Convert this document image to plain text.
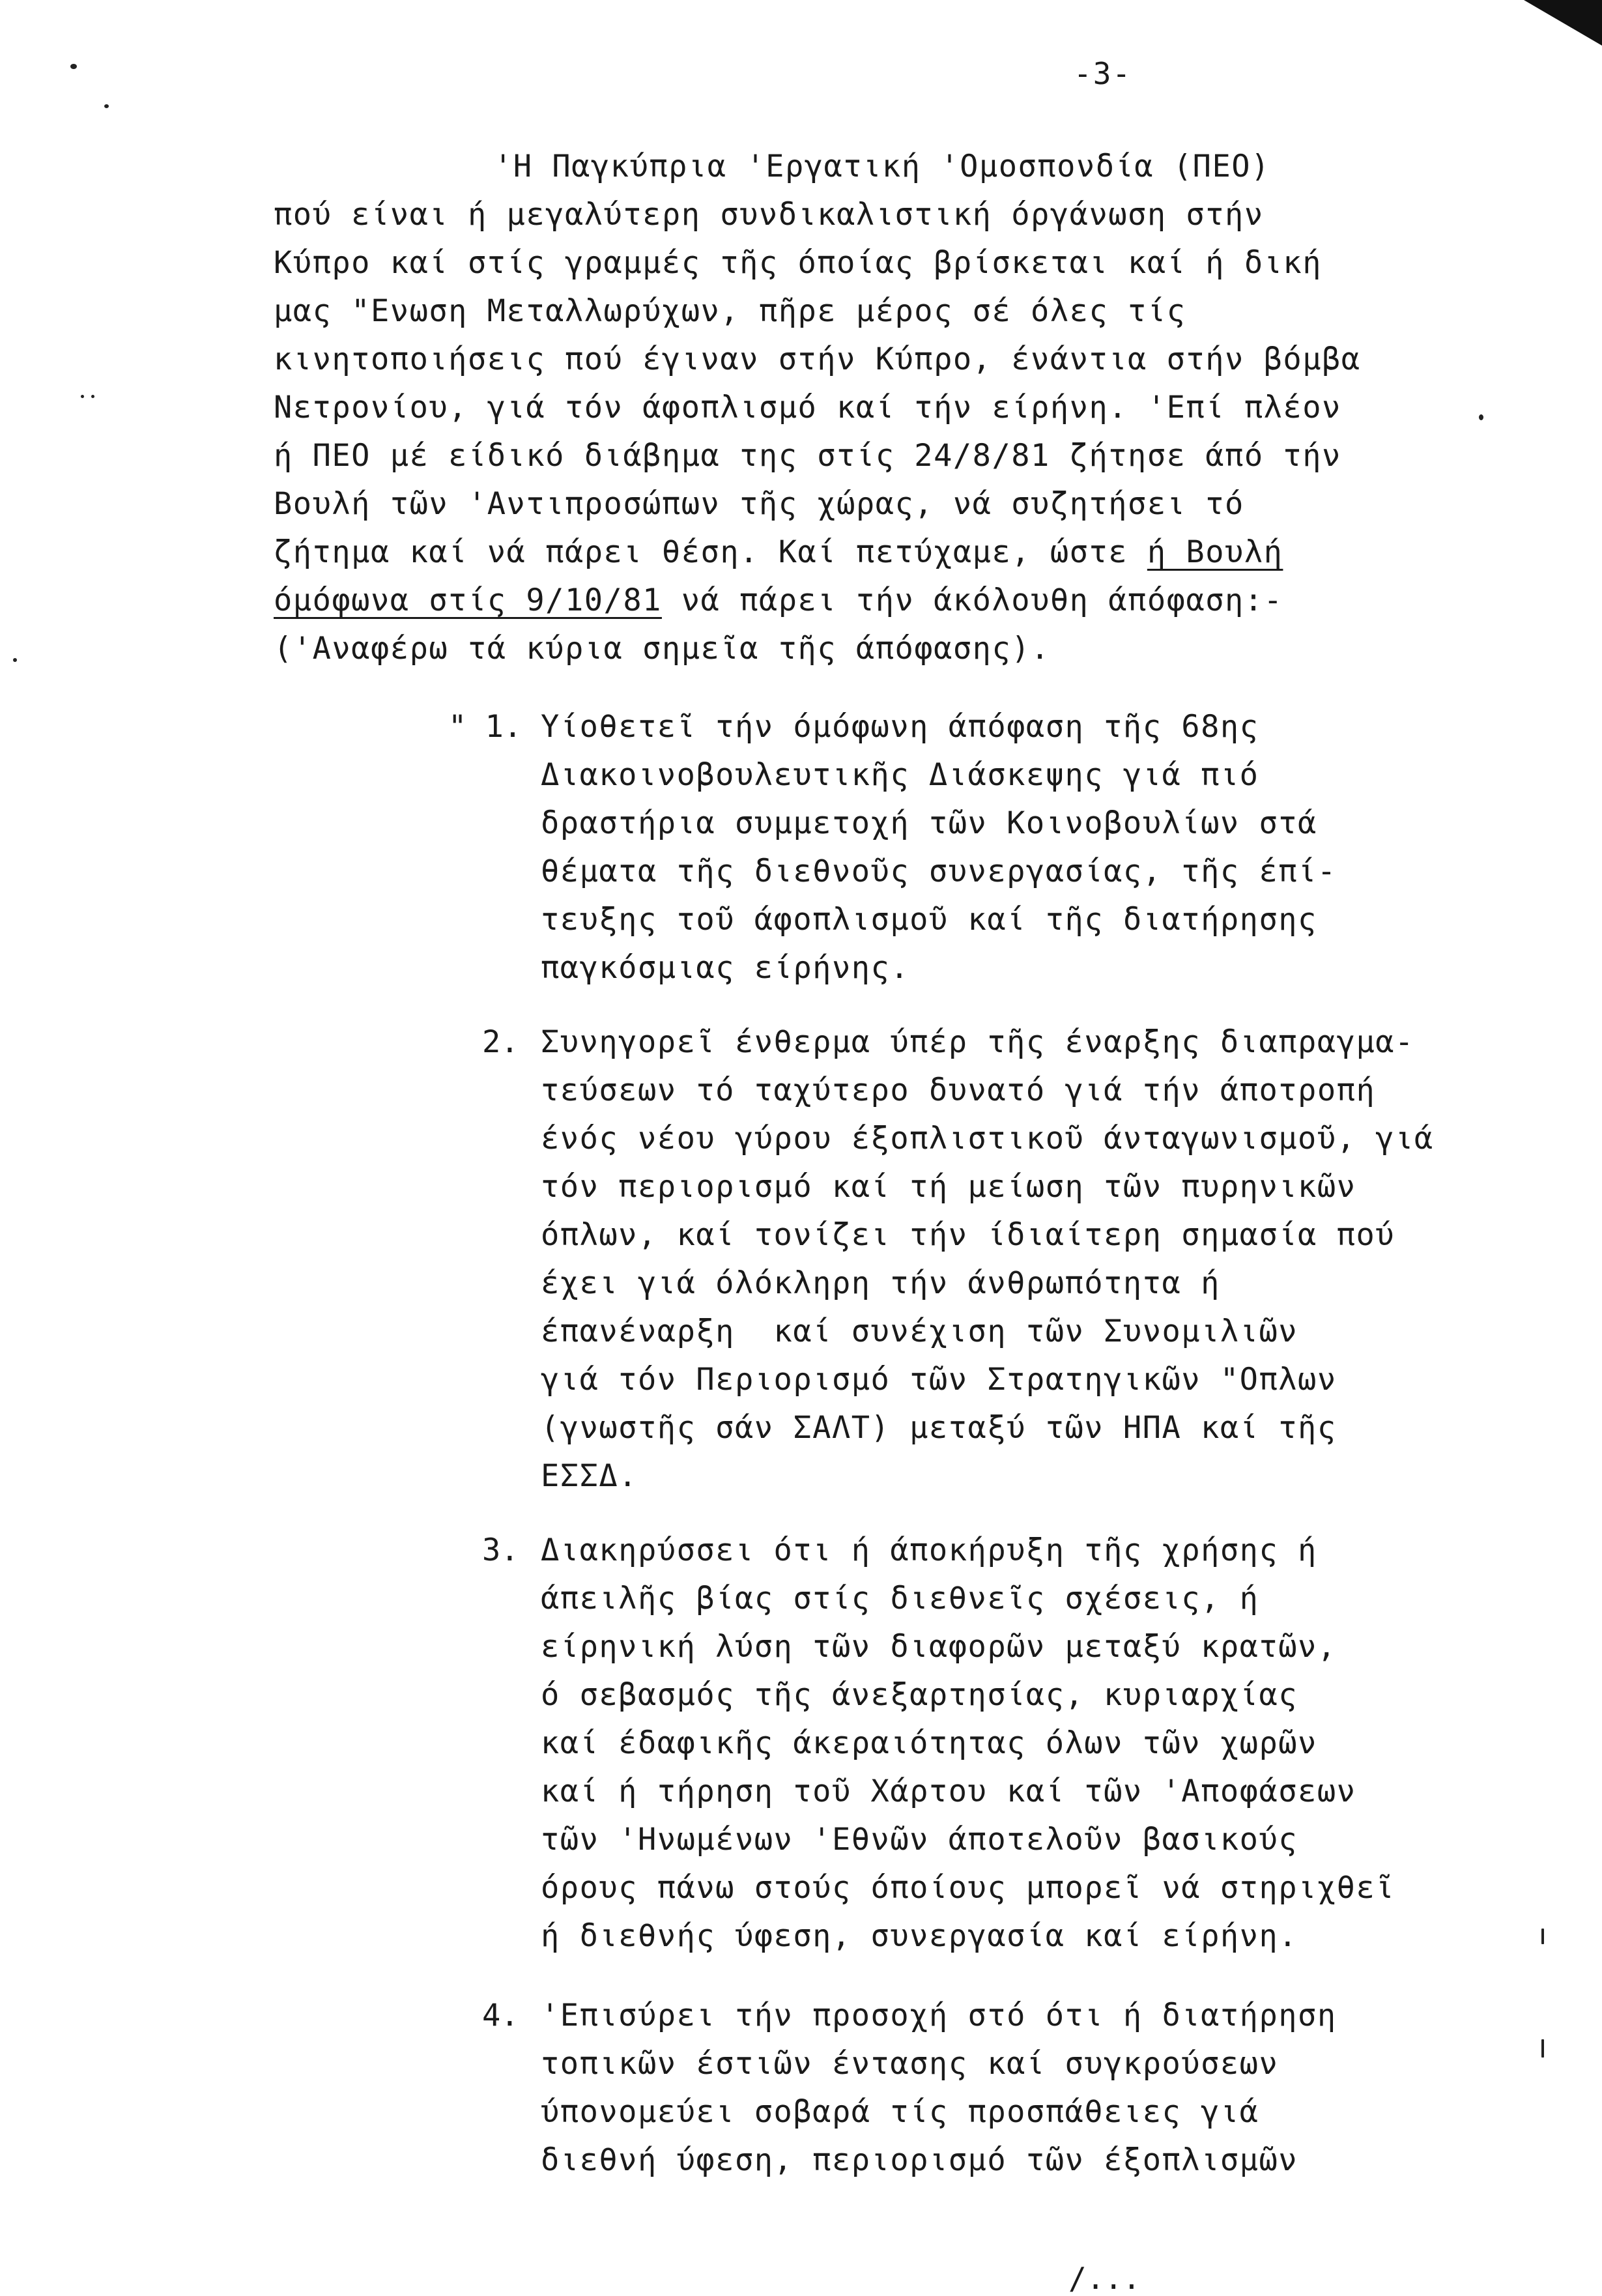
-3-
'Η Παγκύπρια 'Εργατική 'Ομοσπονδία (ΠΕΟ)
πού είναι ή μεγαλύτερη συνδικαλιστική όργάνωση στήν
Κύπρο καί στίς γραμμές τῆς όποίας βρίσκεται καί ή δική
μας "Ενωση Μεταλλωρύχων, πῆρε μέρος σέ όλες τίς
κινητοποιήσεις πού έγιναν στήν Κύπρο, ένάντια στήν βόμβα
Νετρονίου, γιά τόν άφοπλισμό καί τήν είρήνη. 'Επί πλέον
ή ΠΕΟ μέ είδικό διάβημα της στίς 24/8/81 ζήτησε άπό τήν
Βουλή τῶν 'Αντιπροσώπων τῆς χώρας, νά συζητήσει τό
ζήτημα καί νά πάρει θέση. Καί πετύχαμε, ώστε ή Βουλή
όμόφωνα στίς 9/10/81 νά πάρει τήν άκόλουθη άπόφαση:-
('Αναφέρω τά κύρια σημεῖα τῆς άπόφασης).
" 1. Υίοθετεῖ τήν όμόφωνη άπόφαση τῆς 68ης
Διακοινοβουλευτικῆς Διάσκεψης γιά πιό
δραστήρια συμμετοχή τῶν Κοινοβουλίων στά
θέματα τῆς διεθνοῦς συνεργασίας, τῆς έπί-
τευξης τοῦ άφοπλισμοῦ καί τῆς διατήρησης
παγκόσμιας είρήνης.
2. Συνηγορεῖ ένθερμα ύπέρ τῆς έναρξης διαπραγμα-
τεύσεων τό ταχύτερο δυνατό γιά τήν άποτροπή
ένός νέου γύρου έξοπλιστικοῦ άνταγωνισμοῦ, γιά
τόν περιορισμό καί τή μείωση τῶν πυρηνικῶν
όπλων, καί τονίζει τήν ίδιαίτερη σημασία πού
έχει γιά όλόκληρη τήν άνθρωπότητα ή
έπανέναρξη  καί συνέχιση τῶν Συνομιλιῶν
γιά τόν Περιορισμό τῶν Στρατηγικῶν "Οπλων
(γνωστῆς σάν ΣΑΛΤ) μεταξύ τῶν ΗΠΑ καί τῆς
ΕΣΣΔ.
3. Διακηρύσσει ότι ή άποκήρυξη τῆς χρήσης ή
άπειλῆς βίας στίς διεθνεῖς σχέσεις, ή
είρηνική λύση τῶν διαφορῶν μεταξύ κρατῶν,
ό σεβασμός τῆς άνεξαρτησίας, κυριαρχίας
καί έδαφικῆς άκεραιότητας όλων τῶν χωρῶν
καί ή τήρηση τοῦ Χάρτου καί τῶν 'Αποφάσεων
τῶν 'Ηνωμένων 'Εθνῶν άποτελοῦν βασικούς
όρους πάνω στούς όποίους μπορεῖ νά στηριχθεῖ
ή διεθνής ύφεση, συνεργασία καί είρήνη.
4. 'Επισύρει τήν προσοχή στό ότι ή διατήρηση
τοπικῶν έστιῶν έντασης καί συγκρούσεων
ύπονομεύει σοβαρά τίς προσπάθειες γιά
διεθνή ύφεση, περιορισμό τῶν έξοπλισμῶν
/...
